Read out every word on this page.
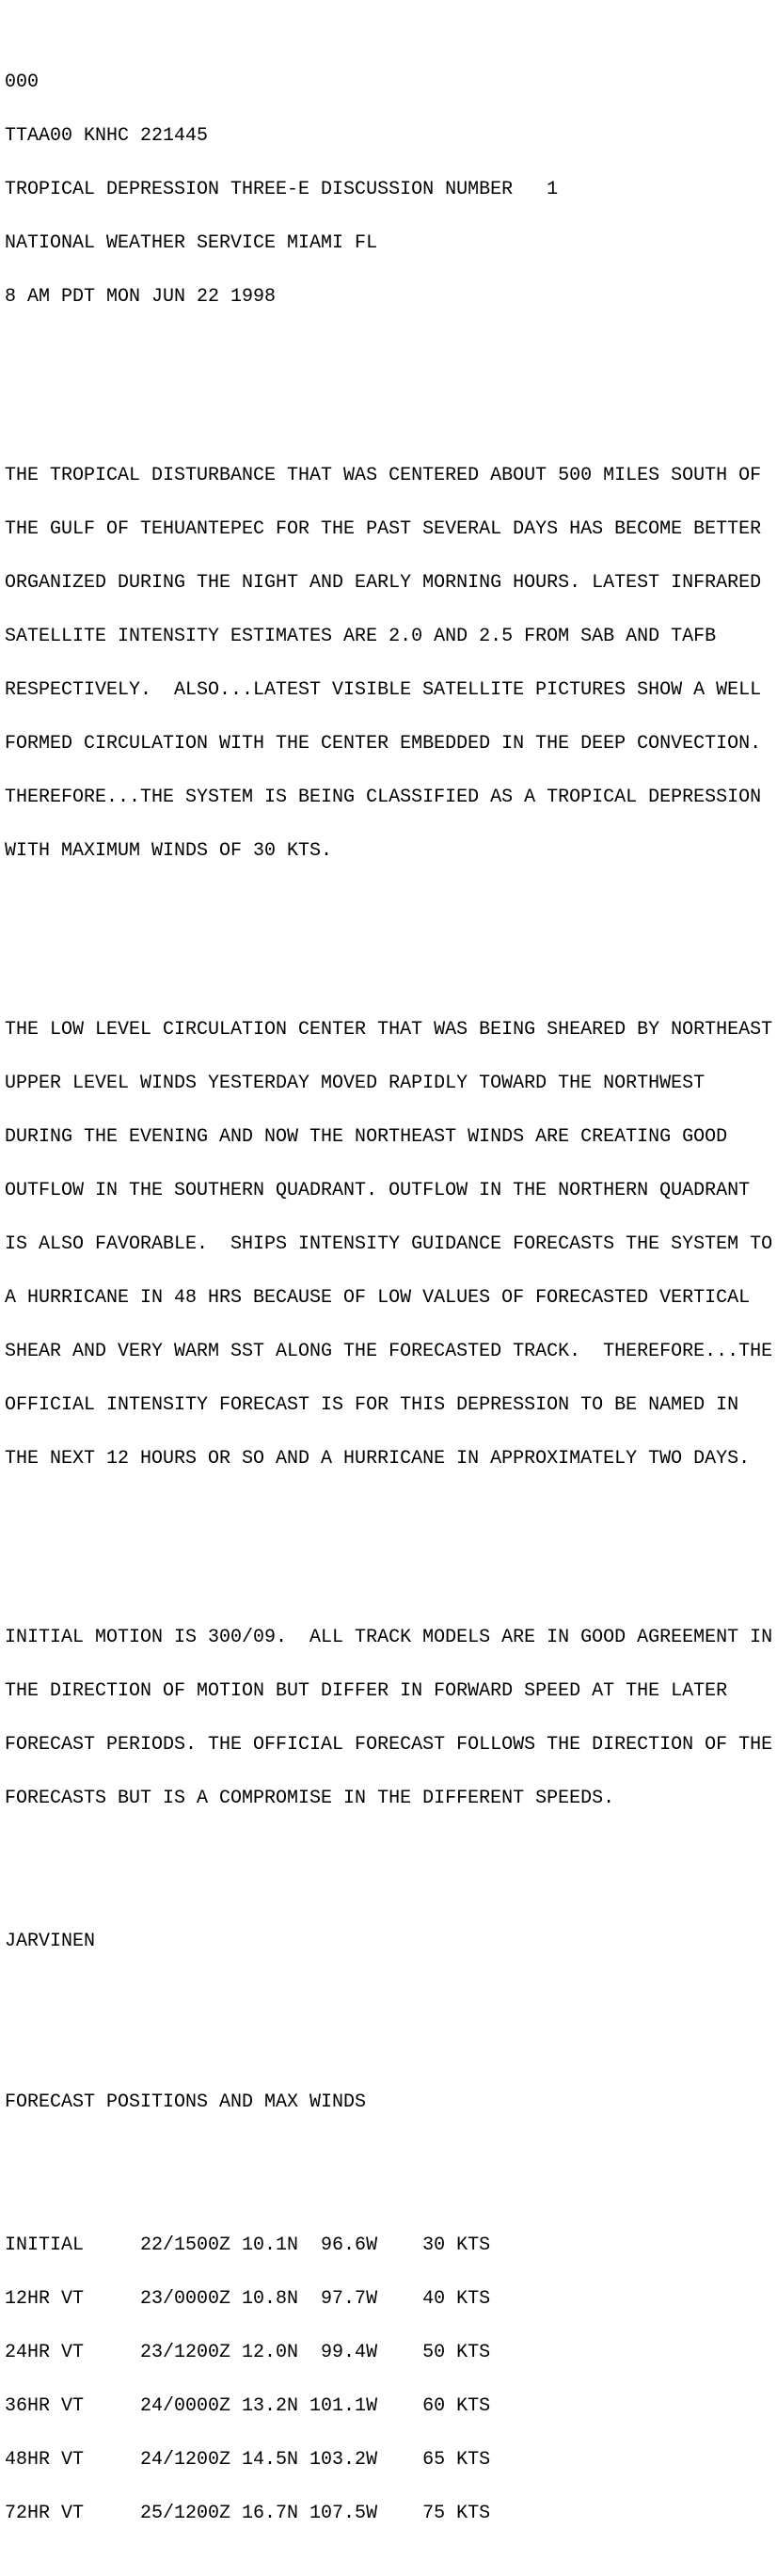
000

TTAA00 KNHC 221445

TROPICAL DEPRESSION THREE-E DISCUSSION NUMBER   1

NATIONAL WEATHER SERVICE MIAMI FL

8 AM PDT MON JUN 22 1998

THE TROPICAL DISTURBANCE THAT WAS CENTERED ABOUT 500 MILES SOUTH OF

THE GULF OF TEHUANTEPEC FOR THE PAST SEVERAL DAYS HAS BECOME BETTER

ORGANIZED DURING THE NIGHT AND EARLY MORNING HOURS. LATEST INFRARED

SATELLITE INTENSITY ESTIMATES ARE 2.0 AND 2.5 FROM SAB AND TAFB

RESPECTIVELY.  ALSO...LATEST VISIBLE SATELLITE PICTURES SHOW A WELL

FORMED CIRCULATION WITH THE CENTER EMBEDDED IN THE DEEP CONVECTION.

THEREFORE...THE SYSTEM IS BEING CLASSIFIED AS A TROPICAL DEPRESSION

WITH MAXIMUM WINDS OF 30 KTS.

THE LOW LEVEL CIRCULATION CENTER THAT WAS BEING SHEARED BY NORTHEAST

UPPER LEVEL WINDS YESTERDAY MOVED RAPIDLY TOWARD THE NORTHWEST

DURING THE EVENING AND NOW THE NORTHEAST WINDS ARE CREATING GOOD

OUTFLOW IN THE SOUTHERN QUADRANT. OUTFLOW IN THE NORTHERN QUADRANT

IS ALSO FAVORABLE.  SHIPS INTENSITY GUIDANCE FORECASTS THE SYSTEM TO

A HURRICANE IN 48 HRS BECAUSE OF LOW VALUES OF FORECASTED VERTICAL

SHEAR AND VERY WARM SST ALONG THE FORECASTED TRACK.  THEREFORE...THE

OFFICIAL INTENSITY FORECAST IS FOR THIS DEPRESSION TO BE NAMED IN

THE NEXT 12 HOURS OR SO AND A HURRICANE IN APPROXIMATELY TWO DAYS.

INITIAL MOTION IS 300/09.  ALL TRACK MODELS ARE IN GOOD AGREEMENT IN

THE DIRECTION OF MOTION BUT DIFFER IN FORWARD SPEED AT THE LATER

FORECAST PERIODS. THE OFFICIAL FORECAST FOLLOWS THE DIRECTION OF THE

FORECASTS BUT IS A COMPROMISE IN THE DIFFERENT SPEEDS.

JARVINEN

FORECAST POSITIONS AND MAX WINDS

INITIAL     22/1500Z 10.1N  96.6W    30 KTS

12HR VT     23/0000Z 10.8N  97.7W    40 KTS

24HR VT     23/1200Z 12.0N  99.4W    50 KTS

36HR VT     24/0000Z 13.2N 101.1W    60 KTS

48HR VT     24/1200Z 14.5N 103.2W    65 KTS

72HR VT     25/1200Z 16.7N 107.5W    75 KTS
